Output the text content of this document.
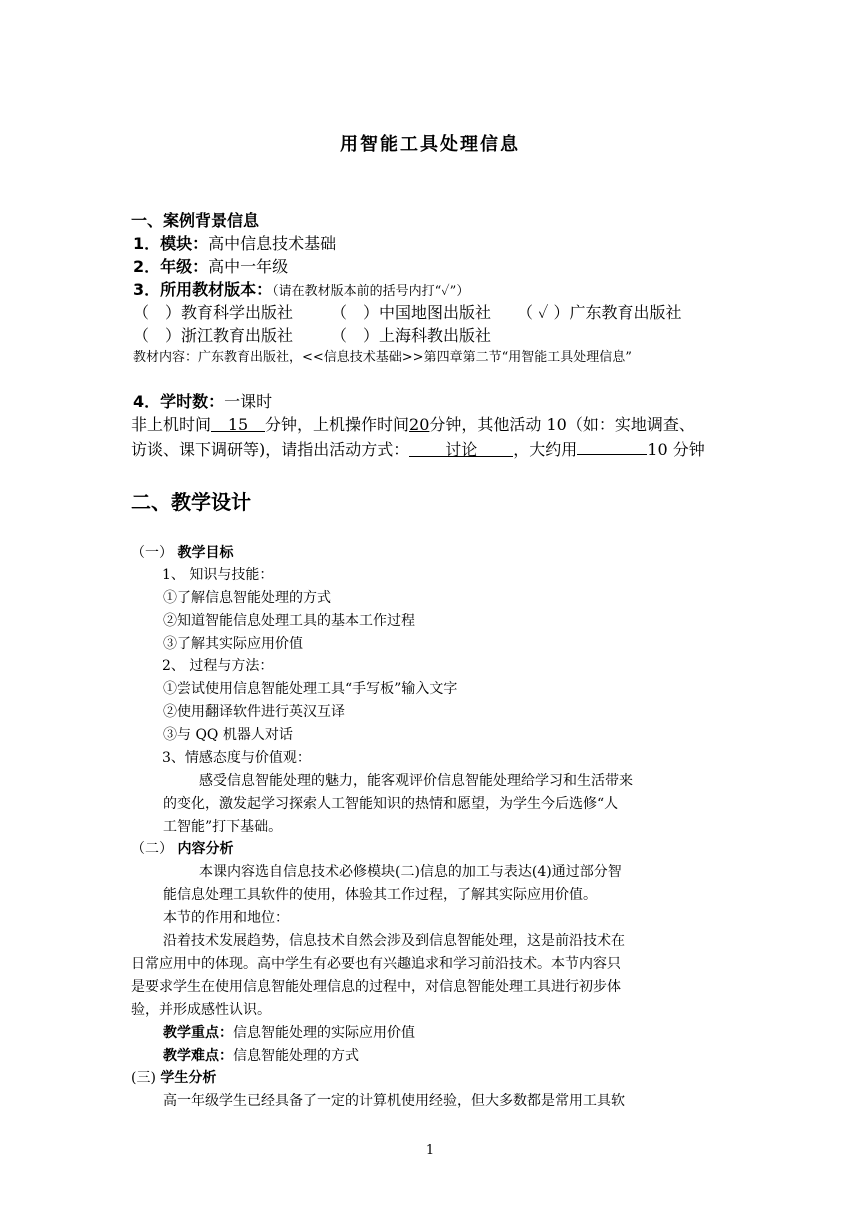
用智能工具处理信息
一、案例背景信息
1．模块：高中信息技术基础
2．年级：高中一年级
3．所用教材版本：（请在教材版本前的括号内打“✓”）
（　）教育科学出版社 （　）中国地图出版社 （ ✓ ）广东教育出版社
（　）浙江教育出版社 （　）上海科教出版社
教材内容：广东教育出版社，<<信息技术基础>>第四章第二节“用智能工具处理信息”
4．学时数：一课时
非上机时间 15 分钟，上机操作时间20分钟，其他活动 10（如：实地调查、
访谈、课下调研等)，请指出活动方式： 讨论 ，大约用	10 分钟
二、教学设计
（一） 教学目标
1、 知识与技能：
①了解信息智能处理的方式
②知道智能信息处理工具的基本工作过程
③了解其实际应用价值
2、 过程与方法：
①尝试使用信息智能处理工具“手写板”输入文字
②使用翻译软件进行英汉互译
③与 QQ 机器人对话
3、情感态度与价值观：
感受信息智能处理的魅力，能客观评价信息智能处理给学习和生活带来
的变化，激发起学习探索人工智能知识的热情和愿望，为学生今后选修“人
工智能”打下基础。
（二） 内容分析
本课内容选自信息技术必修模块(二)信息的加工与表达(4)通过部分智
能信息处理工具软件的使用，体验其工作过程，了解其实际应用价值。
本节的作用和地位：
沿着技术发展趋势，信息技术自然会涉及到信息智能处理，这是前沿技术在
日常应用中的体现。高中学生有必要也有兴趣追求和学习前沿技术。本节内容只
是要求学生在使用信息智能处理信息的过程中，对信息智能处理工具进行初步体
验，并形成感性认识。
教学重点：信息智能处理的实际应用价值
教学难点：信息智能处理的方式
(三) 学生分析
高一年级学生已经具备了一定的计算机使用经验，但大多数都是常用工具软
1
